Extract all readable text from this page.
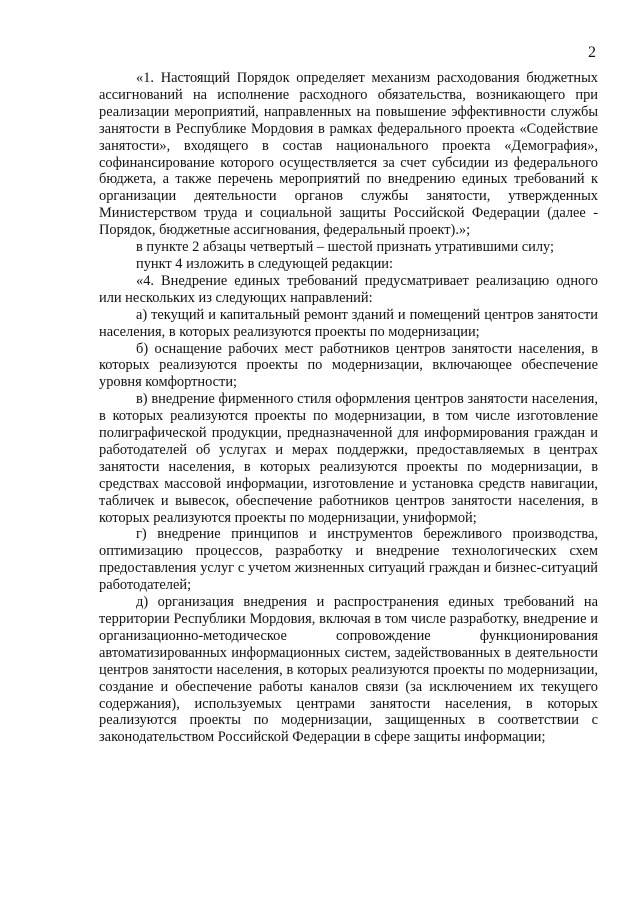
2

«1. Настоящий Порядок определяет механизм расходования бюджетных ассигнований на исполнение расходного обязательства, возникающего при реализации мероприятий, направленных на повышение эффективности службы занятости в Республике Мордовия в рамках федерального проекта «Содействие занятости», входящего в состав национального проекта «Демография», софинансирование которого осуществляется за счет субсидии из федерального бюджета, а также перечень мероприятий по внедрению единых требований к организации деятельности органов службы занятости, утвержденных Министерством труда и социальной защиты Российской Федерации (далее - Порядок, бюджетные ассигнования, федеральный проект).»;

в пункте 2 абзацы четвертый – шестой признать утратившими силу;

пункт 4 изложить в следующей редакции:

«4. Внедрение единых требований предусматривает реализацию одного или нескольких из следующих направлений:

а) текущий и капитальный ремонт зданий и помещений центров занятости населения, в которых реализуются проекты по модернизации;

б) оснащение рабочих мест работников центров занятости населения, в которых реализуются проекты по модернизации, включающее обеспечение уровня комфортности;

в) внедрение фирменного стиля оформления центров занятости населения, в которых реализуются проекты по модернизации, в том числе изготовление полиграфической продукции, предназначенной для информирования граждан и работодателей об услугах и мерах поддержки, предоставляемых в центрах занятости населения, в которых реализуются проекты по модернизации, в средствах массовой информации, изготовление и установка средств навигации, табличек и вывесок, обеспечение работников центров занятости населения, в которых реализуются проекты по модернизации, униформой;

г) внедрение принципов и инструментов бережливого производства, оптимизацию процессов, разработку и внедрение технологических схем предоставления услуг с учетом жизненных ситуаций граждан и бизнес-ситуаций работодателей;

д) организация внедрения и распространения единых требований на территории Республики Мордовия, включая в том числе разработку, внедрение и организационно-методическое сопровождение функционирования автоматизированных информационных систем, задействованных в деятельности центров занятости населения, в которых реализуются проекты по модернизации, создание и обеспечение работы каналов связи (за исключением их текущего содержания), используемых центрами занятости населения, в которых реализуются проекты по модернизации, защищенных в соответствии с законодательством Российской Федерации в сфере защиты информации;
